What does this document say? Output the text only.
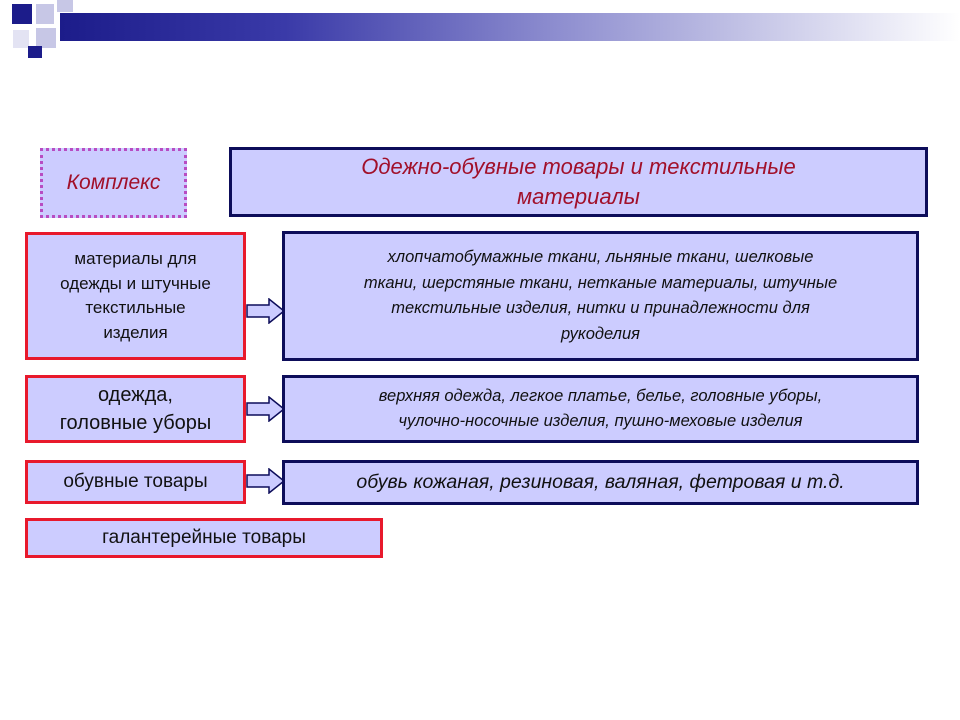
Комплекс
Одежно-обувные товары и текстильные
материалы
материалы для
одежды и штучные
текстильные
изделия
хлопчатобумажные ткани, льняные ткани, шелковые
ткани, шерстяные ткани, нетканые материалы, штучные
текстильные изделия, нитки и принадлежности для
рукоделия
одежда,
головные уборы
верхняя одежда, легкое платье, белье, головные уборы,
чулочно-носочные изделия, пушно-меховые изделия
обувные товары	обувь кожаная, резиновая, валяная, фетровая и т.д.
галантерейные товары
